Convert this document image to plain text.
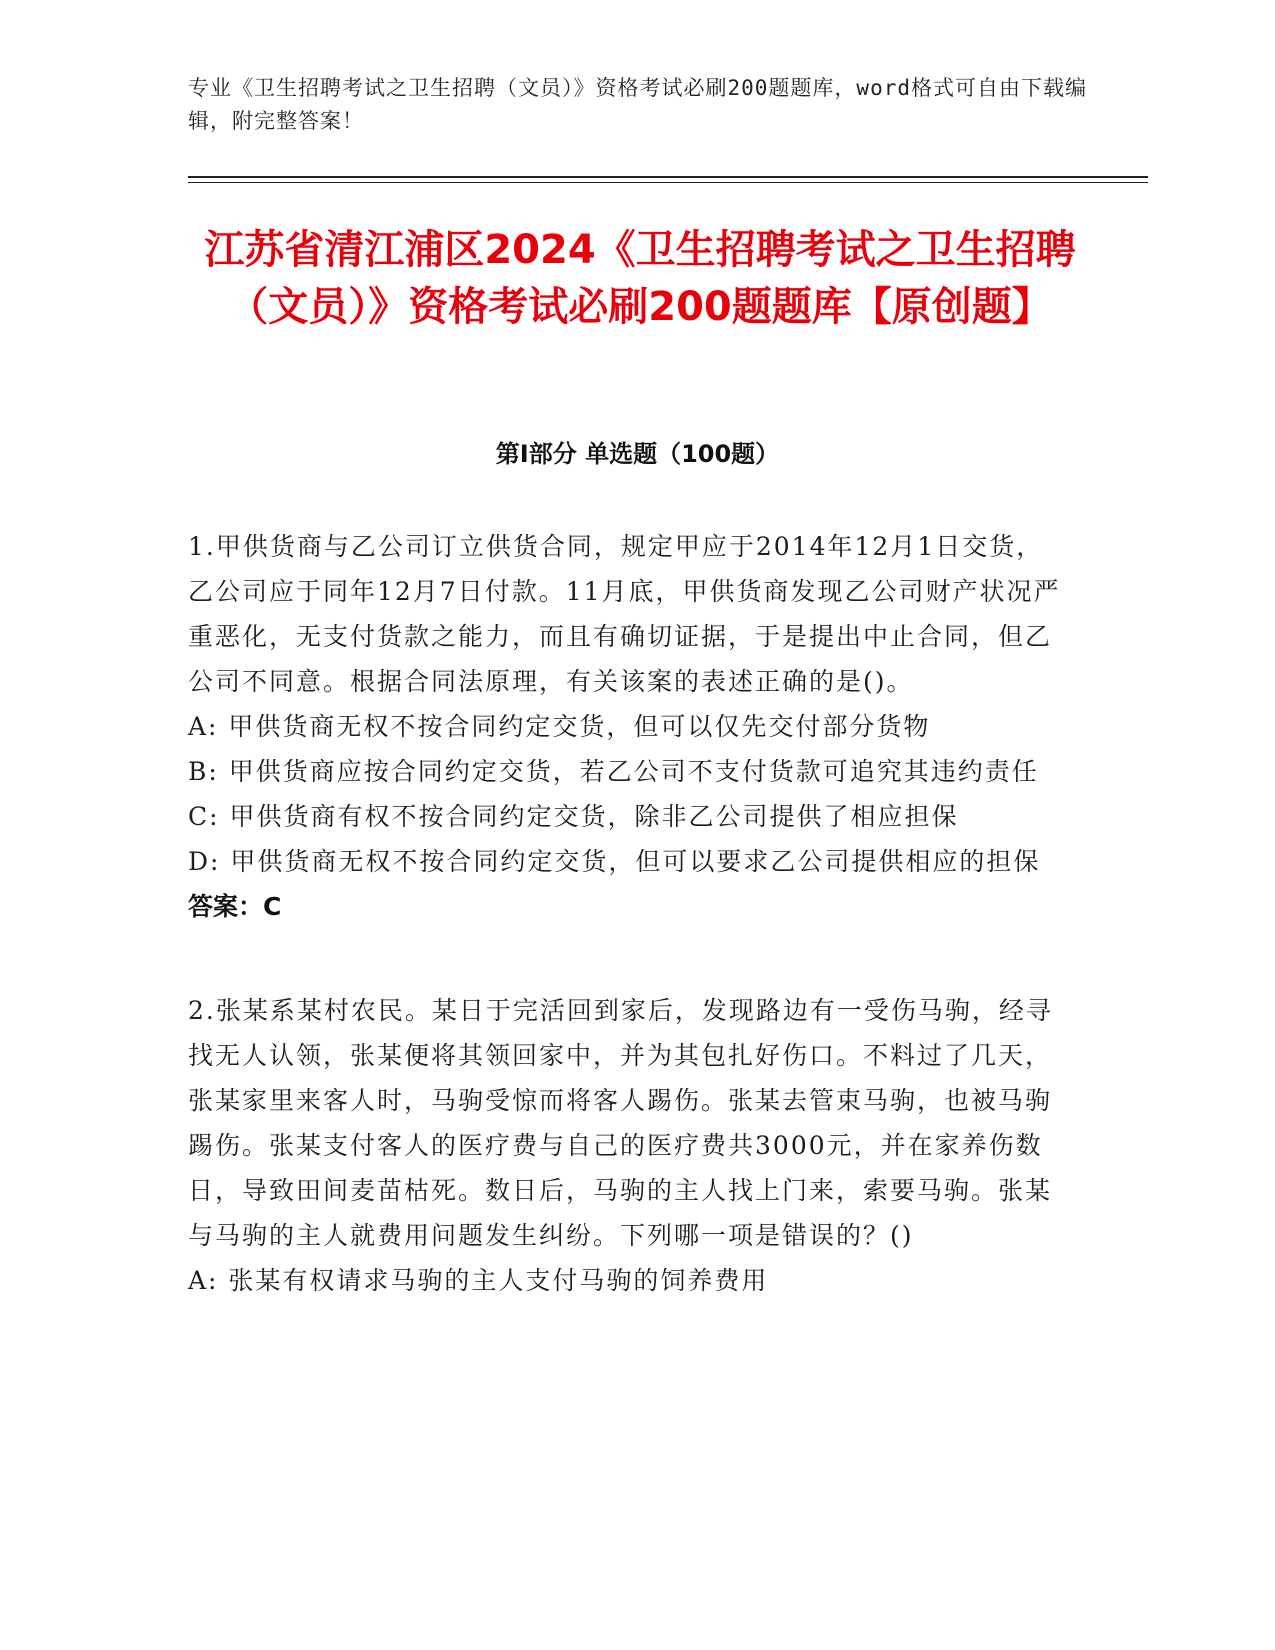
专业《卫生招聘考试之卫生招聘（文员）》资格考试必刷200题题库，word格式可自由下载编辑，附完整答案！
江苏省清江浦区2024《卫生招聘考试之卫生招聘（文员）》资格考试必刷200题题库【原创题】
第I部分 单选题（100题）

1.甲供货商与乙公司订立供货合同，规定甲应于2014年12月1日交货，乙公司应于同年12月7日付款。11月底，甲供货商发现乙公司财产状况严重恶化，无支付货款之能力，而且有确切证据，于是提出中止合同，但乙公司不同意。根据合同法原理，有关该案的表述正确的是()。

A: 甲供货商无权不按合同约定交货，但可以仅先交付部分货物

B: 甲供货商应按合同约定交货，若乙公司不支付货款可追究其违约责任

C: 甲供货商有权不按合同约定交货，除非乙公司提供了相应担保

D: 甲供货商无权不按合同约定交货，但可以要求乙公司提供相应的担保

答案：C

2.张某系某村农民。某日于完活回到家后，发现路边有一受伤马驹，经寻找无人认领，张某便将其领回家中，并为其包扎好伤口。不料过了几天，张某家里来客人时，马驹受惊而将客人踢伤。张某去管束马驹，也被马驹踢伤。张某支付客人的医疗费与自己的医疗费共3000元，并在家养伤数日，导致田间麦苗枯死。数日后，马驹的主人找上门来，索要马驹。张某与马驹的主人就费用问题发生纠纷。下列哪一项是错误的？()

A: 张某有权请求马驹的主人支付马驹的饲养费用
